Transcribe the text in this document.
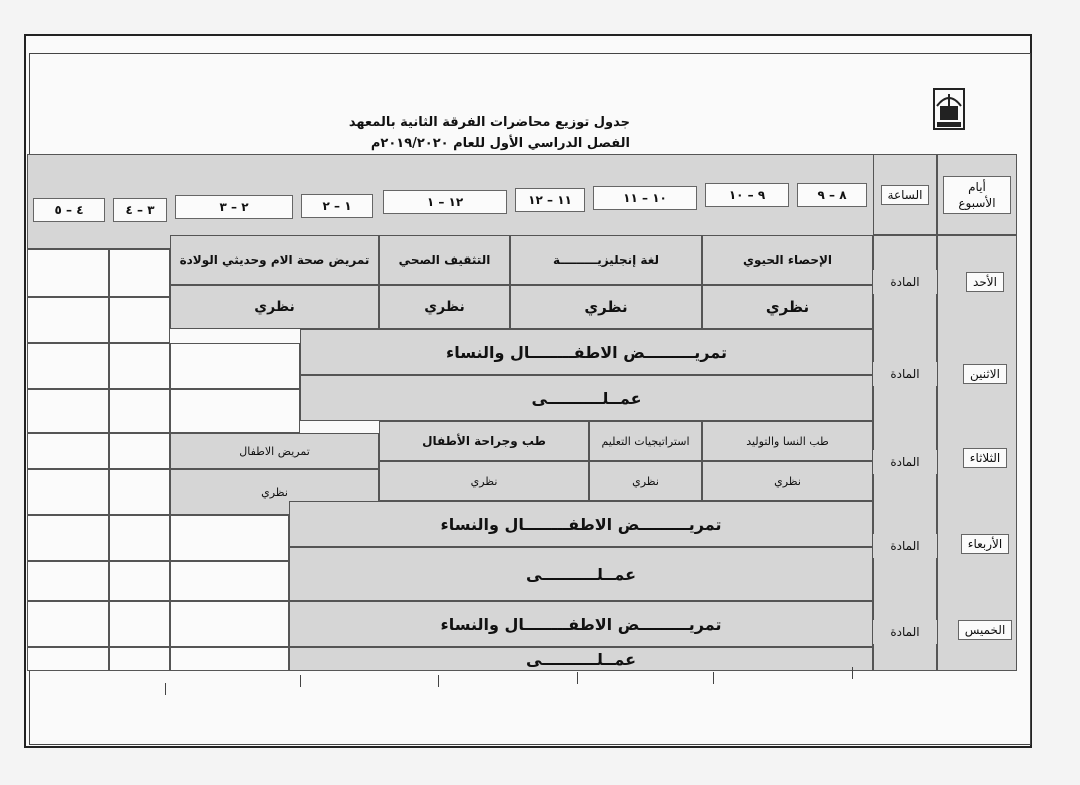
جدول توزيع محاضرات الفرقة الثانية بالمعهد
الفصل الدراسي الأول للعام ٢٠١٩/٢٠٢٠م
أيام الأسبوع
الساعة
٨ – ٩
٩ – ١٠
١٠ – ١١
١١ – ١٢
١٢ – ١
١ – ٢
٢ – ٣
٣ – ٤
٤ – ٥
الأحد
المادة
الإحصاء الحيوي
لغة إنجليزيـــــــــة
التثقيف الصحي
تمريض صحة الام وحديثي الولادة
نظري
نظري
نظري
نظري
الاثنين
المادة
تمريـــــــــض الاطفــــــــال والنساء
عمــلــــــــــى
الثلاثاء
المادة
طب النسا والتوليد
استراتيجيات التعليم
طب وجراحة الأطفال
تمريض الاطفال
نظري
نظري
نظري
نظري
الأربعاء
المادة
تمريـــــــــض الاطفــــــــال والنساء
عمــلــــــــــى
الخميس
المادة
تمريـــــــــض الاطفــــــــال والنساء
عمــلــــــــــى
